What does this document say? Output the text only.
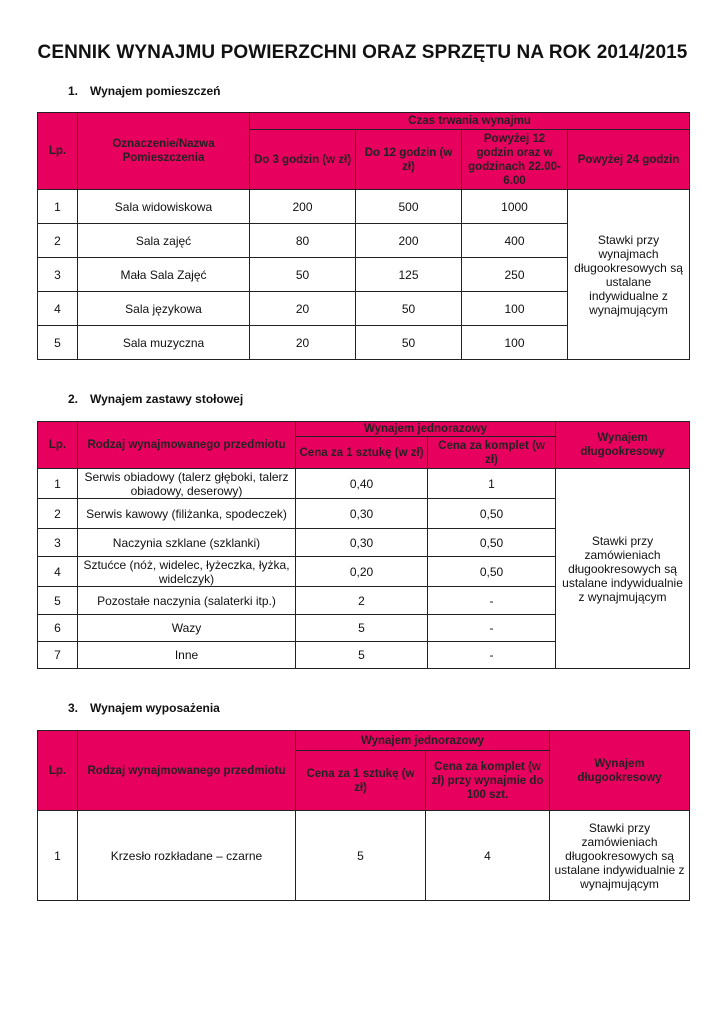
CENNIK WYNAJMU POWIERZCHNI ORAZ SPRZĘTU NA ROK 2014/2015

1. Wynajem pomieszczeń

Lp.	Oznaczenie/Nazwa Pomieszczenia	Czas trwania wynajmu			
		Do 3 godzin (w zł)	Do 12 godzin (w zł)	Powyżej 12 godzin oraz w godzinach 22.00-6.00	Powyżej 24 godzin
1	Sala widowiskowa	200	500	1000	Stawki przy wynajmach długookresowych są ustalane indywidualne z wynajmującym
2	Sala zajęć	80	200	400	
3	Mała Sala Zajęć	50	125	250	
4	Sala językowa	20	50	100	
5	Sala muzyczna	20	50	100	

2. Wynajem zastawy stołowej

Lp.	Rodzaj wynajmowanego przedmiotu	Wynajem jednorazowy		Wynajem długookresowy
		Cena za 1 sztukę (w zł)	Cena za komplet (w zł)	
1	Serwis obiadowy (talerz głęboki, talerz obiadowy, deserowy)	0,40	1	Stawki przy zamówieniach długookresowych są ustalane indywidualnie z wynajmującym
2	Serwis kawowy (filiżanka, spodeczek)	0,30	0,50	
3	Naczynia szklane (szklanki)	0,30	0,50	
4	Sztućce (nóż, widelec, łyżeczka, łyżka, widelczyk)	0,20	0,50	
5	Pozostałe naczynia (salaterki itp.)	2	-	
6	Wazy	5	-	
7	Inne	5	-	

3. Wynajem wyposażenia

Lp.	Rodzaj wynajmowanego przedmiotu	Wynajem jednorazowy		Wynajem długookresowy
		Cena za 1 sztukę (w zł)	Cena za komplet (w zł) przy wynajmie do 100 szt.	
1	Krzesło rozkładane – czarne	5	4	Stawki przy zamówieniach długookresowych są ustalane indywidualnie z wynajmującym
